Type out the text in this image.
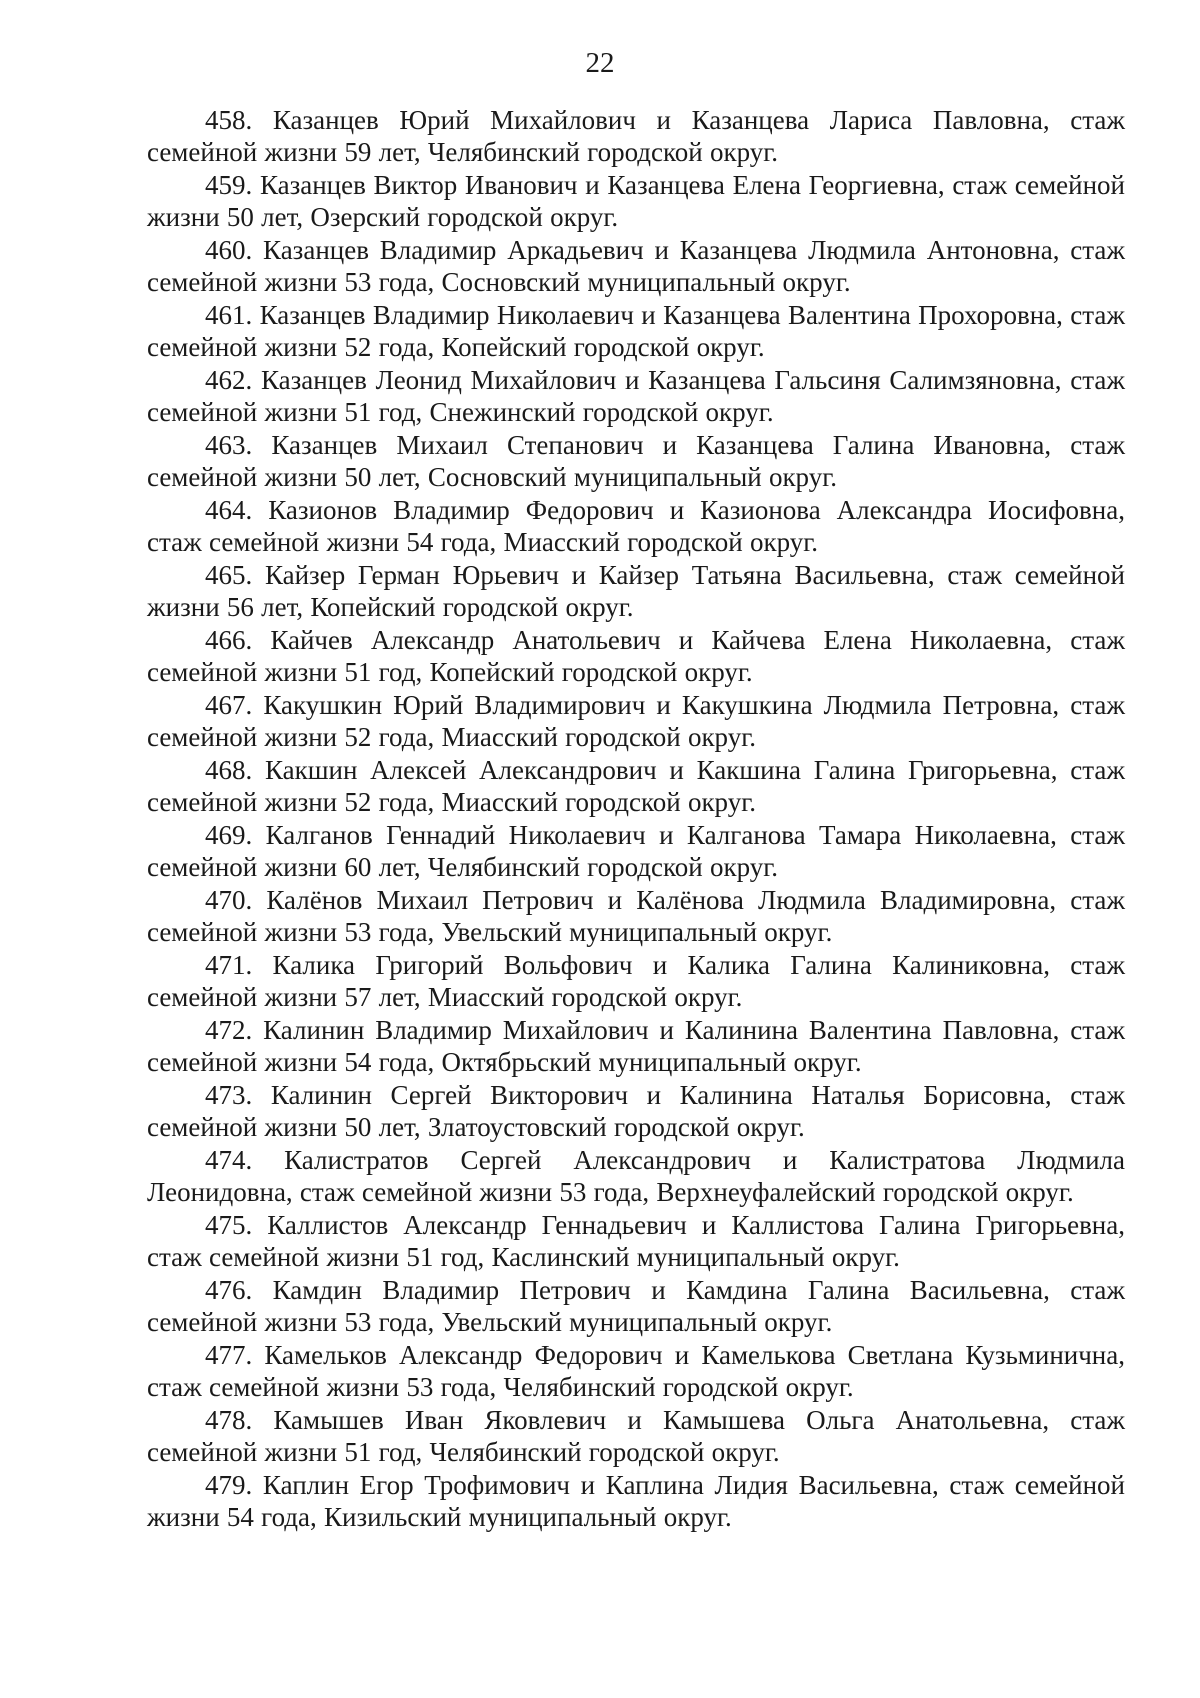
22

458. Казанцев Юрий Михайлович и Казанцева Лариса Павловна, стаж семейной жизни 59 лет, Челябинский городской округ.

459. Казанцев Виктор Иванович и Казанцева Елена Георгиевна, стаж семейной жизни 50 лет, Озерский городской округ.

460. Казанцев Владимир Аркадьевич и Казанцева Людмила Антоновна, стаж семейной жизни 53 года, Сосновский муниципальный округ.

461. Казанцев Владимир Николаевич и Казанцева Валентина Прохоровна, стаж семейной жизни 52 года, Копейский городской округ.

462. Казанцев Леонид Михайлович и Казанцева Гальсиня Салимзяновна, стаж семейной жизни 51 год, Снежинский городской округ.

463. Казанцев Михаил Степанович и Казанцева Галина Ивановна, стаж семейной жизни 50 лет, Сосновский муниципальный округ.

464. Казионов Владимир Федорович и Казионова Александра Иосифовна, стаж семейной жизни 54 года, Миасский городской округ.

465. Кайзер Герман Юрьевич и Кайзер Татьяна Васильевна, стаж семейной жизни 56 лет, Копейский городской округ.

466. Кайчев Александр Анатольевич и Кайчева Елена Николаевна, стаж семейной жизни 51 год, Копейский городской округ.

467. Какушкин Юрий Владимирович и Какушкина Людмила Петровна, стаж семейной жизни 52 года, Миасский городской округ.

468. Какшин Алексей Александрович и Какшина Галина Григорьевна, стаж семейной жизни 52 года, Миасский городской округ.

469. Калганов Геннадий Николаевич и Калганова Тамара Николаевна, стаж семейной жизни 60 лет, Челябинский городской округ.

470. Калёнов Михаил Петрович и Калёнова Людмила Владимировна, стаж семейной жизни 53 года, Увельский муниципальный округ.

471. Калика Григорий Вольфович и Калика Галина Калиниковна, стаж семейной жизни 57 лет, Миасский городской округ.

472. Калинин Владимир Михайлович и Калинина Валентина Павловна, стаж семейной жизни 54 года, Октябрьский муниципальный округ.

473. Калинин Сергей Викторович и Калинина Наталья Борисовна, стаж семейной жизни 50 лет, Златоустовский городской округ.

474. Калистратов Сергей Александрович и Калистратова Людмила Леонидовна, стаж семейной жизни 53 года, Верхнеуфалейский городской округ.

475. Каллистов Александр Геннадьевич и Каллистова Галина Григорьевна, стаж семейной жизни 51 год, Каслинский муниципальный округ.

476. Камдин Владимир Петрович и Камдина Галина Васильевна, стаж семейной жизни 53 года, Увельский муниципальный округ.

477. Камельков Александр Федорович и Камелькова Светлана Кузьминична, стаж семейной жизни 53 года, Челябинский городской округ.

478. Камышев Иван Яковлевич и Камышева Ольга Анатольевна, стаж семейной жизни 51 год, Челябинский городской округ.

479. Каплин Егор Трофимович и Каплина Лидия Васильевна, стаж семейной жизни 54 года, Кизильский муниципальный округ.
